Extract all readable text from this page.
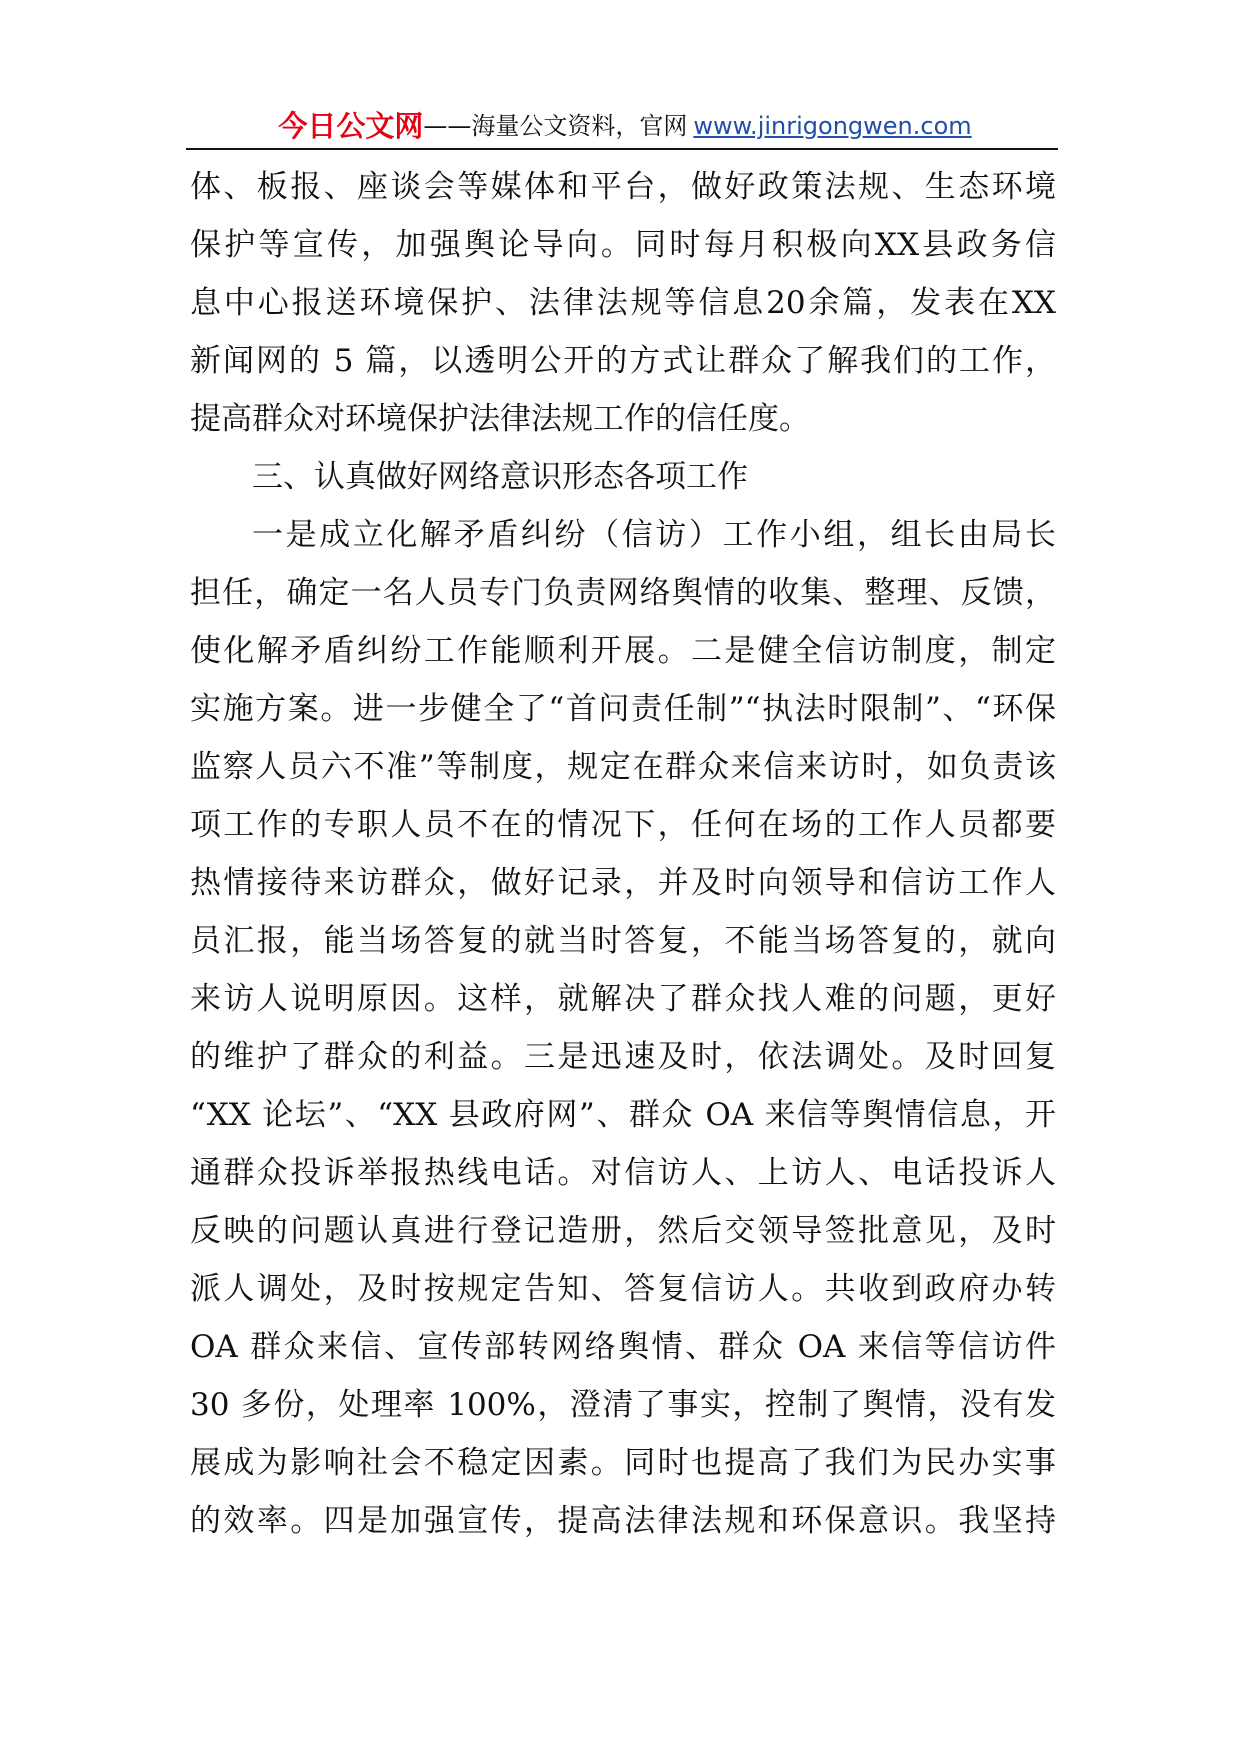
今日公文网 —— 海量公文资料，官网 www.jinrigongwen.com
体、板报、座谈会等媒体和平台，做好政策法规、生态环境
保护等宣传，加强舆论导向。同时每月积极向XX县政务信
息中心报送环境保护、法律法规等信息20余篇，发表在XX
新闻网的 5 篇，以透明公开的方式让群众了解我们的工作，
提高群众对环境保护法律法规工作的信任度。
三、认真做好网络意识形态各项工作
一是成立化解矛盾纠纷（信访）工作小组，组长由局长
担任，确定一名人员专门负责网络舆情的收集、整理、反馈，
使化解矛盾纠纷工作能顺利开展。二是健全信访制度，制定
实施方案。进一步健全了“首问责任制”“执法时限制”、“环保
监察人员六不准”等制度，规定在群众来信来访时，如负责该
项工作的专职人员不在的情况下，任何在场的工作人员都要
热情接待来访群众，做好记录，并及时向领导和信访工作人
员汇报，能当场答复的就当时答复，不能当场答复的，就向
来访人说明原因。这样，就解决了群众找人难的问题，更好
的维护了群众的利益。三是迅速及时，依法调处。及时回复
“XX 论坛”、“XX 县政府网”、群众 OA 来信等舆情信息，开
通群众投诉举报热线电话。对信访人、上访人、电话投诉人
反映的问题认真进行登记造册，然后交领导签批意见，及时
派人调处，及时按规定告知、答复信访人。共收到政府办转
OA 群众来信、宣传部转网络舆情、群众 OA 来信等信访件
30 多份，处理率 100%，澄清了事实，控制了舆情，没有发
展成为影响社会不稳定因素。同时也提高了我们为民办实事
的效率。四是加强宣传，提高法律法规和环保意识。我坚持
